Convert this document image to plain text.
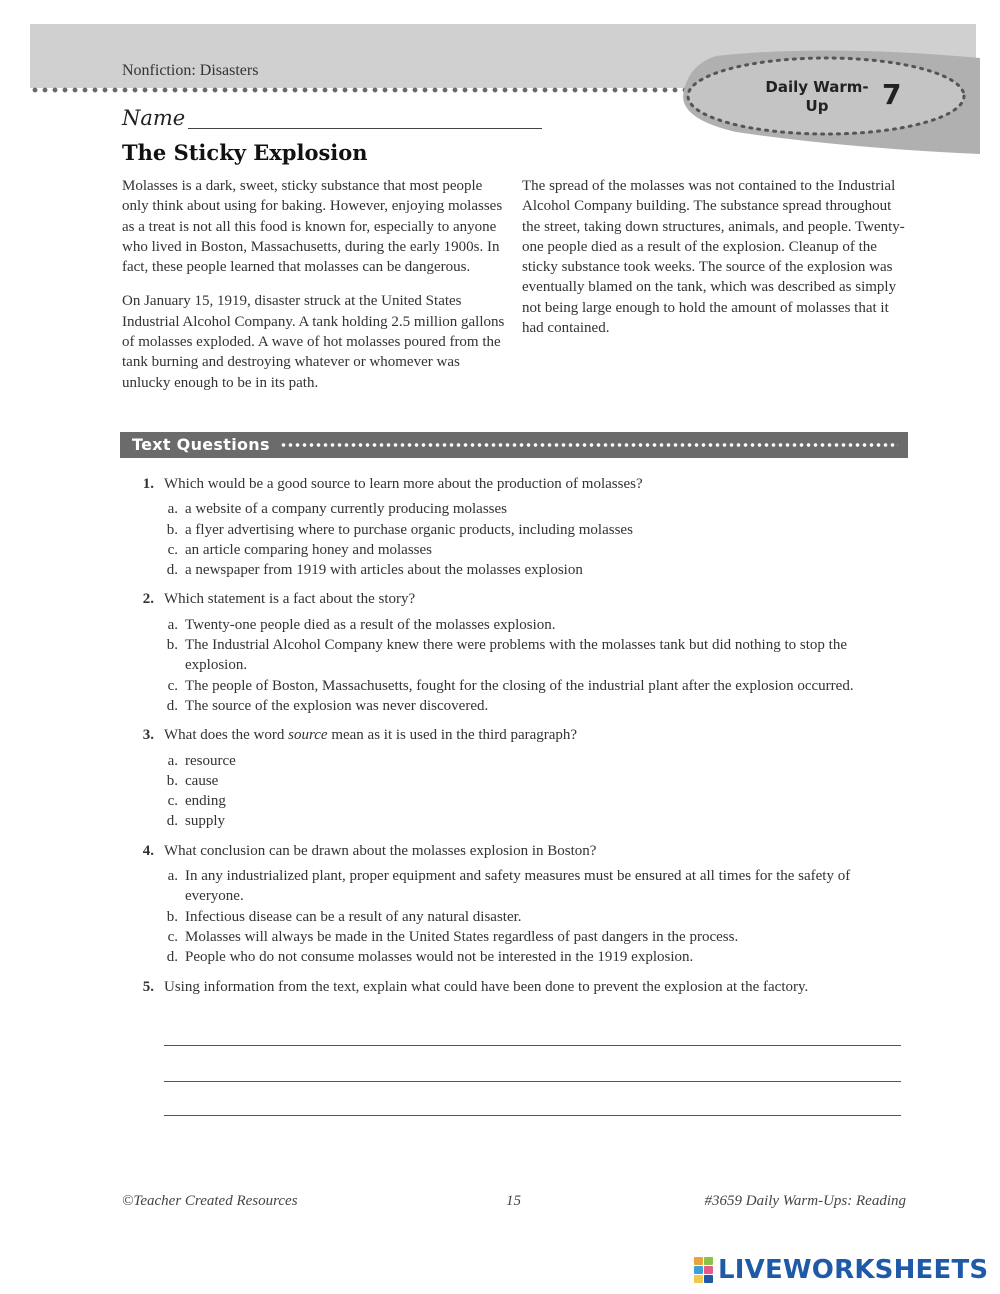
Nonfiction: Disasters
Daily Warm-Up	7
Name
The Sticky Explosion

Molasses is a dark, sweet, sticky substance that most people only think about using for baking. However, enjoying molasses as a treat is not all this food is known for, especially to anyone who lived in Boston, Massachusetts, during the early 1900s. In fact, these people learned that molasses can be dangerous.

On January 15, 1919, disaster struck at the United States Industrial Alcohol Company. A tank holding 2.5 million gallons of molasses exploded. A wave of hot molasses poured from the tank burning and destroying whatever or whomever was unlucky enough to be in its path.

The spread of the molasses was not contained to the Industrial Alcohol Company building. The substance spread throughout the street, taking down structures, animals, and people. Twenty-one people died as a result of the explosion. Cleanup of the sticky substance took weeks. The source of the explosion was eventually blamed on the tank, which was described as simply not being large enough to hold the amount of molasses that it had contained.

Text Questions
1. Which would be a good source to learn more about the production of molasses?
a. a website of a company currently producing molasses
b. a flyer advertising where to purchase organic products, including molasses
c. an article comparing honey and molasses
d. a newspaper from 1919 with articles about the molasses explosion
2. Which statement is a fact about the story?
a. Twenty-one people died as a result of the molasses explosion.
b. The Industrial Alcohol Company knew there were problems with the molasses tank but did nothing to stop the explosion.
c. The people of Boston, Massachusetts, fought for the closing of the industrial plant after the explosion occurred.
d. The source of the explosion was never discovered.
3. What does the word source mean as it is used in the third paragraph?
a. resource
b. cause
c. ending
d. supply
4. What conclusion can be drawn about the molasses explosion in Boston?
a. In any industrialized plant, proper equipment and safety measures must be ensured at all times for the safety of everyone.
b. Infectious disease can be a result of any natural disaster.
c. Molasses will always be made in the United States regardless of past dangers in the process.
d. People who do not consume molasses would not be interested in the 1919 explosion.
5. Using information from the text, explain what could have been done to prevent the explosion at the factory.
©Teacher Created Resources	15	#3659 Daily Warm-Ups: Reading
LIVEWORKSHEETS
